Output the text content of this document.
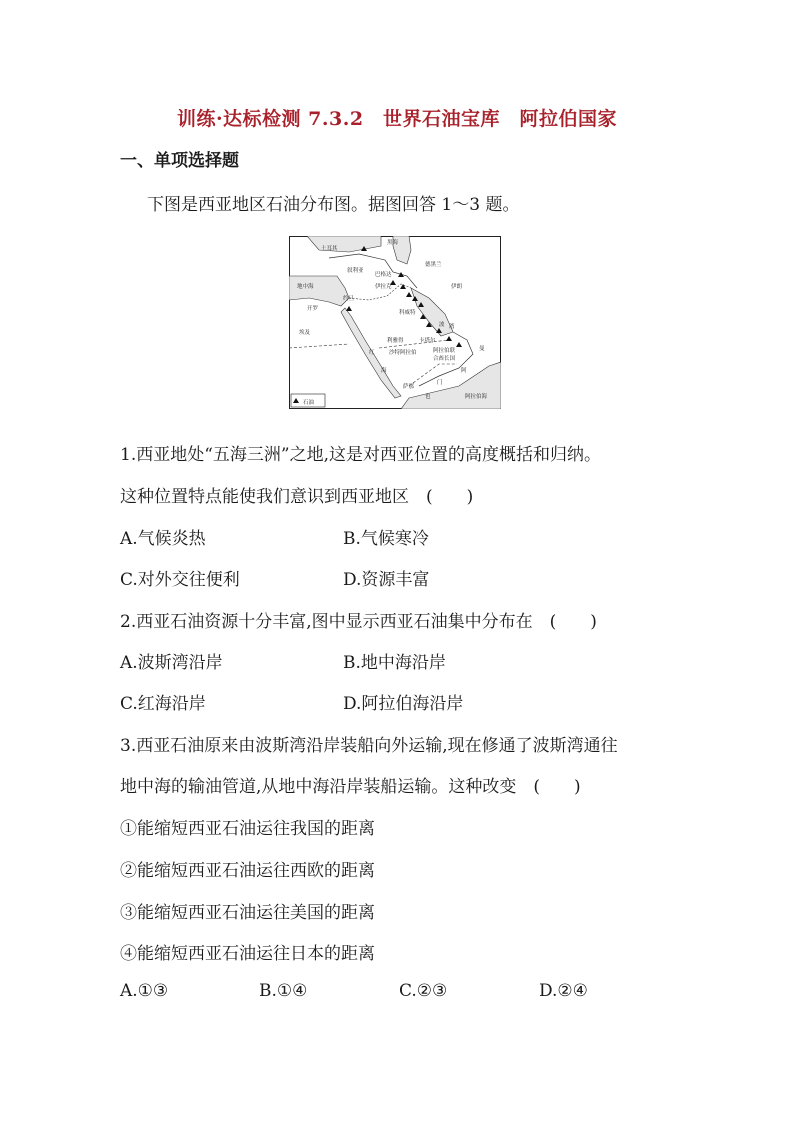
训练·达标检测 7.3.2　世界石油宝库　阿拉伯国家
一、单项选择题
下图是西亚地区石油分布图。据图回答 1～3 题。
土耳其
黑海
德黑兰
叙利亚
巴格达
伊拉克
地中海	伊朗
约旦
开罗
科威特
埃及
波 湾
利雅得	卡塔尔
沙特阿拉伯	阿拉伯联
合酋长国
阿
曼
红
海
萨那
也
门
阿拉伯海
石油
1.西亚地处“五海三洲”之地,这是对西亚位置的高度概括和归纳。
这种位置特点能使我们意识到西亚地区　(　　)
A.气候炎热	B.气候寒冷
C.对外交往便利	D.资源丰富
2.西亚石油资源十分丰富,图中显示西亚石油集中分布在　(　　)
A.波斯湾沿岸	B.地中海沿岸
C.红海沿岸	D.阿拉伯海沿岸
3.西亚石油原来由波斯湾沿岸装船向外运输,现在修通了波斯湾通往
地中海的输油管道,从地中海沿岸装船运输。这种改变　(　　)
①能缩短西亚石油运往我国的距离
②能缩短西亚石油运往西欧的距离
③能缩短西亚石油运往美国的距离
④能缩短西亚石油运往日本的距离
A.①③	B.①④	C.②③	D.②④
